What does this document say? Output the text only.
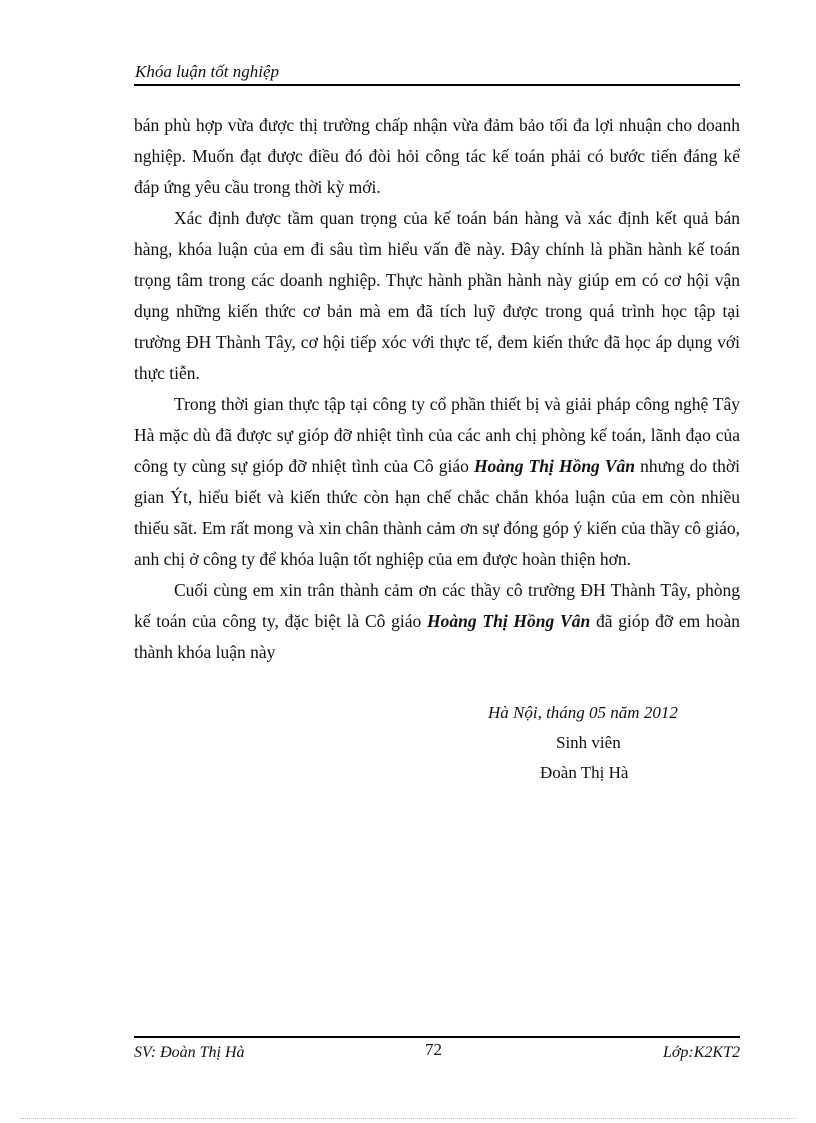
Khóa luận tốt nghiệp

bán phù hợp vừa được thị trường chấp nhận vừa đảm bảo tối đa lợi nhuận cho doanh nghiệp. Muốn đạt được điều đó đòi hỏi công tác kế toán phải có bước tiến đáng kể đáp ứng yêu cầu trong thời kỳ mới.

Xác định được tầm quan trọng của kế toán bán hàng và xác định kết quả bán hàng, khóa luận của em đi sâu tìm hiểu vấn đề này. Đây chính là phần hành kế toán trọng tâm trong các doanh nghiệp. Thực hành phần hành này giúp em có cơ hội vận dụng những kiến thức cơ bản mà em đã tích luỹ được trong quá trình học tập tại trường ĐH Thành Tây, cơ hội tiếp xóc với thực tế, đem kiến thức đã học áp dụng với thực tiễn.

Trong thời gian thực tập tại công ty cổ phần thiết bị và giải pháp công nghệ Tây Hà mặc dù đã được sự gióp đỡ nhiệt tình của các anh chị phòng kế toán, lãnh đạo của công ty cùng sự gióp đỡ nhiệt tình của Cô giáo Hoàng Thị Hồng Vân nhưng do thời gian Ýt, hiểu biết và kiến thức còn hạn chế chắc chắn khóa luận của em còn nhiều thiếu sãt. Em rất mong và xin chân thành cảm ơn sự đóng góp ý kiến của thầy cô giáo, anh chị ở công ty để khóa luận tốt nghiệp của em được hoàn thiện hơn.

Cuối cùng em xin trân thành cảm ơn các thầy cô trường ĐH Thành Tây, phòng kế toán của công ty, đặc biệt là Cô giáo Hoàng Thị Hồng Vân đã gióp đỡ em hoàn thành khóa luận này

Hà Nội, tháng 05 năm 2012
Sinh viên
Đoàn Thị Hà
SV: Đoàn Thị Hà	72	Lớp:K2KT2
